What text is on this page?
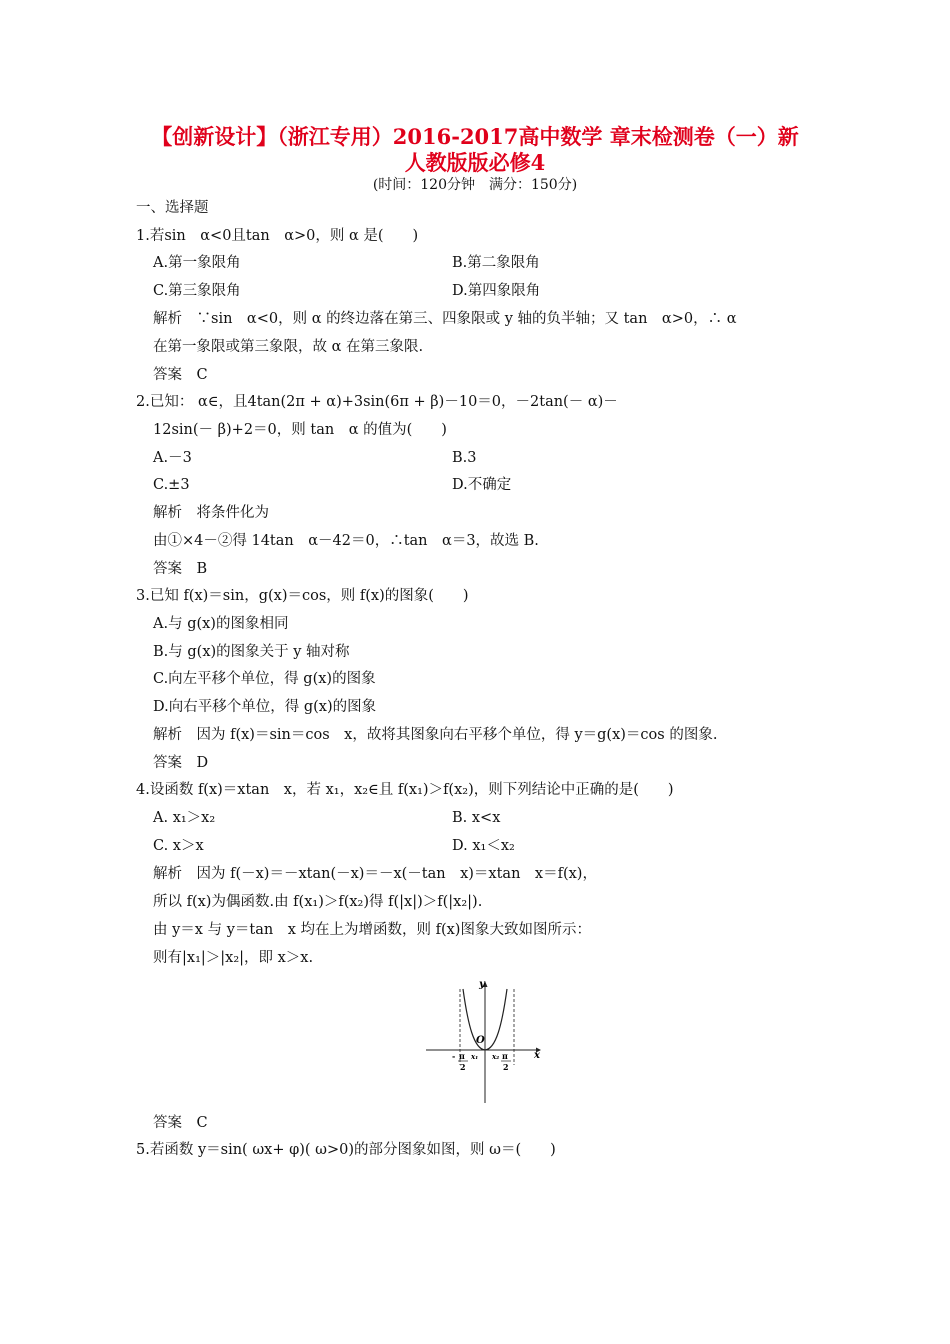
【创新设计】（浙江专用）2016-2017高中数学 章末检测卷（一）新
人教版版必修4
(时间：120分钟　满分：150分)
一、选择题
1.若sin　α<0且tan　α>0，则 α 是(　　)
A.第一象限角	B.第二象限角
C.第三象限角	D.第四象限角
解析　∵sin　α<0，则 α 的终边落在第三、四象限或 y 轴的负半轴；又 tan　α>0，∴ α
在第一象限或第三象限，故 α 在第三象限.
答案　C
2.已知： α∈，且4tan(2π + α)+3sin(6π + β)－10＝0，－2tan(－ α)－
12sin(－ β)+2＝0，则 tan　α 的值为(　　)
A.－3	B.3
C.±3	D.不确定
解析　将条件化为
由①×4－②得 14tan　α－42＝0，∴tan　α＝3，故选 B.
答案　B
3.已知 f(x)＝sin，g(x)＝cos，则 f(x)的图象(　　)
A.与 g(x)的图象相同
B.与 g(x)的图象关于 y 轴对称
C.向左平移个单位，得 g(x)的图象
D.向右平移个单位，得 g(x)的图象
解析　因为 f(x)＝sin＝cos　x，故将其图象向右平移个单位，得 y＝g(x)＝cos 的图象.
答案　D
4.设函数 f(x)＝xtan　x，若 x₁，x₂∈且 f(x₁)＞f(x₂)，则下列结论中正确的是(　　)
A. x₁＞x₂	B. x<x
C. x＞x	D. x₁＜x₂
解析　因为 f(－x)＝－xtan(－x)＝－x(－tan　x)＝xtan　x＝f(x)，
所以 f(x)为偶函数.由 f(x₁)＞f(x₂)得 f(|x|)＞f(|x₂|).
由 y＝x 与 y＝tan　x 均在上为增函数，则 f(x)图象大致如图所示：
则有|x₁|＞|x₂|，即 x＞x.
y
x
O
- π
2
x₁ x₂ π
2
答案　C
5.若函数 y＝sin( ωx+ φ)( ω>0)的部分图象如图，则 ω＝(　　)
